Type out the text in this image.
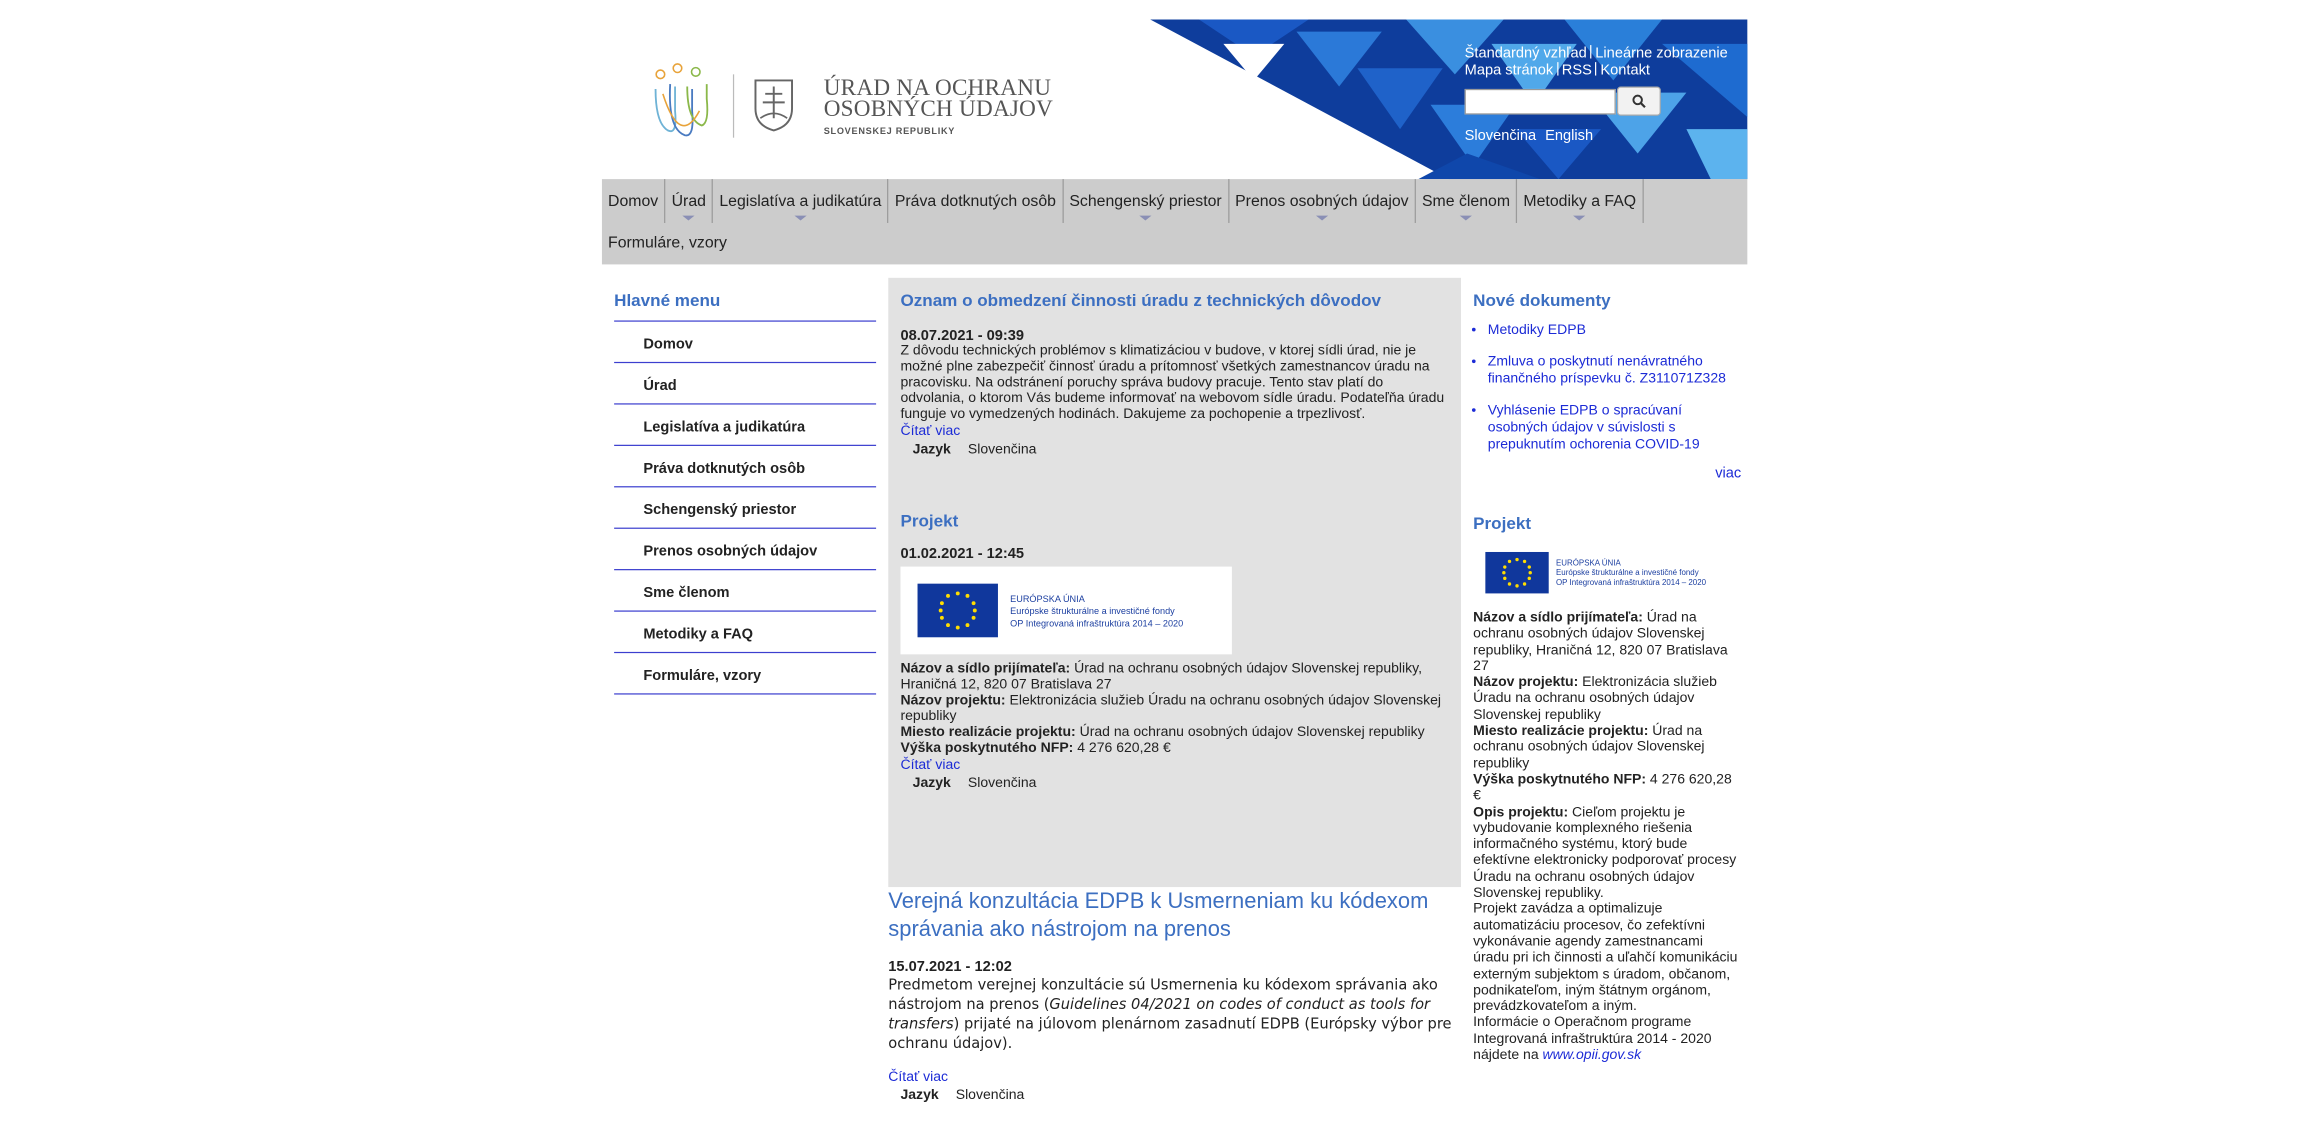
ÚRAD NA OCHRANU
OSOBNÝCH ÚDAJOV
SLOVENSKEJ REPUBLIKY
Štandardný vzhľad Lineárne zobrazenie
Mapa stránok RSS Kontakt

Slovenčina English
Domov	Úrad	Legislatíva a judikatúra	Práva dotknutých osôb	Schengenský priestor	Prenos osobných údajov	Sme členom	Metodiky a FAQ
Formuláre, vzory
Hlavné menu
Domov
Úrad
Legislatíva a judikatúra
Práva dotknutých osôb
Schengenský priestor
Prenos osobných údajov
Sme členom
Metodiky a FAQ
Formuláre, vzory
Oznam o obmedzení činnosti úradu z technických dôvodov
08.07.2021 - 09:39
Z dôvodu technických problémov s klimatizáciou v budove, v ktorej sídli úrad, nie je možné plne zabezpečiť činnosť úradu a prítomnosť všetkých zamestnancov úradu na pracovisku. Na odstránení poruchy správa budovy pracuje. Tento stav platí do odvolania, o ktorom Vás budeme informovať na webovom sídle úradu. Podateľňa úradu funguje vo vymedzených hodinách. Dakujeme za pochopenie a trpezlivosť.
Čítať viac
Jazyk Slovenčina
Projekt
01.02.2021 - 12:45
EURÓPSKA ÚNIA
Európske štrukturálne a investičné fondy
OP Integrovaná infraštruktúra 2014 – 2020
Názov a sídlo prijímateľa: Úrad na ochranu osobných údajov Slovenskej republiky, Hraničná 12, 820 07 Bratislava 27
Názov projektu: Elektronizácia služieb Úradu na ochranu osobných údajov Slovenskej republiky
Miesto realizácie projektu: Úrad na ochranu osobných údajov Slovenskej republiky
Výška poskytnutého NFP: 4 276 620,28 €
Čítať viac
Jazyk Slovenčina
Verejná konzultácia EDPB k Usmerneniam ku kódexom správania ako nástrojom na prenos
15.07.2021 - 12:02
Predmetom verejnej konzultácie sú Usmernenia ku kódexom správania ako nástrojom na prenos (Guidelines 04/2021 on codes of conduct as tools for transfers) prijaté na júlovom plenárnom zasadnutí EDPB (Európsky výbor pre ochranu údajov).
Čítať viac
Jazyk Slovenčina
Nové dokumenty
• Metodiky EDPB
• Zmluva o poskytnutí nenávratného finančného príspevku č. Z311071Z328
• Vyhlásenie EDPB o spracúvaní osobných údajov v súvislosti s prepuknutím ochorenia COVID-19
viac
Projekt
EURÓPSKA ÚNIA
Európske štrukturálne a investičné fondy
OP Integrovaná infraštruktúra 2014 – 2020
Názov a sídlo prijímateľa: Úrad na ochranu osobných údajov Slovenskej republiky, Hraničná 12, 820 07 Bratislava 27
Názov projektu: Elektronizácia služieb Úradu na ochranu osobných údajov Slovenskej republiky
Miesto realizácie projektu: Úrad na ochranu osobných údajov Slovenskej republiky
Výška poskytnutého NFP: 4 276 620,28 €
Opis projektu: Cieľom projektu je vybudovanie komplexného riešenia informačného systému, ktorý bude efektívne elektronicky podporovať procesy Úradu na ochranu osobných údajov Slovenskej republiky.
Projekt zavádza a optimalizuje automatizáciu procesov, čo zefektívni vykonávanie agendy zamestnancami úradu pri ich činnosti a uľahčí komunikáciu externým subjektom s úradom, občanom, podnikateľom, iným štátnym orgánom, prevádzkovateľom a iným.
Informácie o Operačnom programe Integrovaná infraštruktúra 2014 - 2020 nájdete na www.opii.gov.sk
